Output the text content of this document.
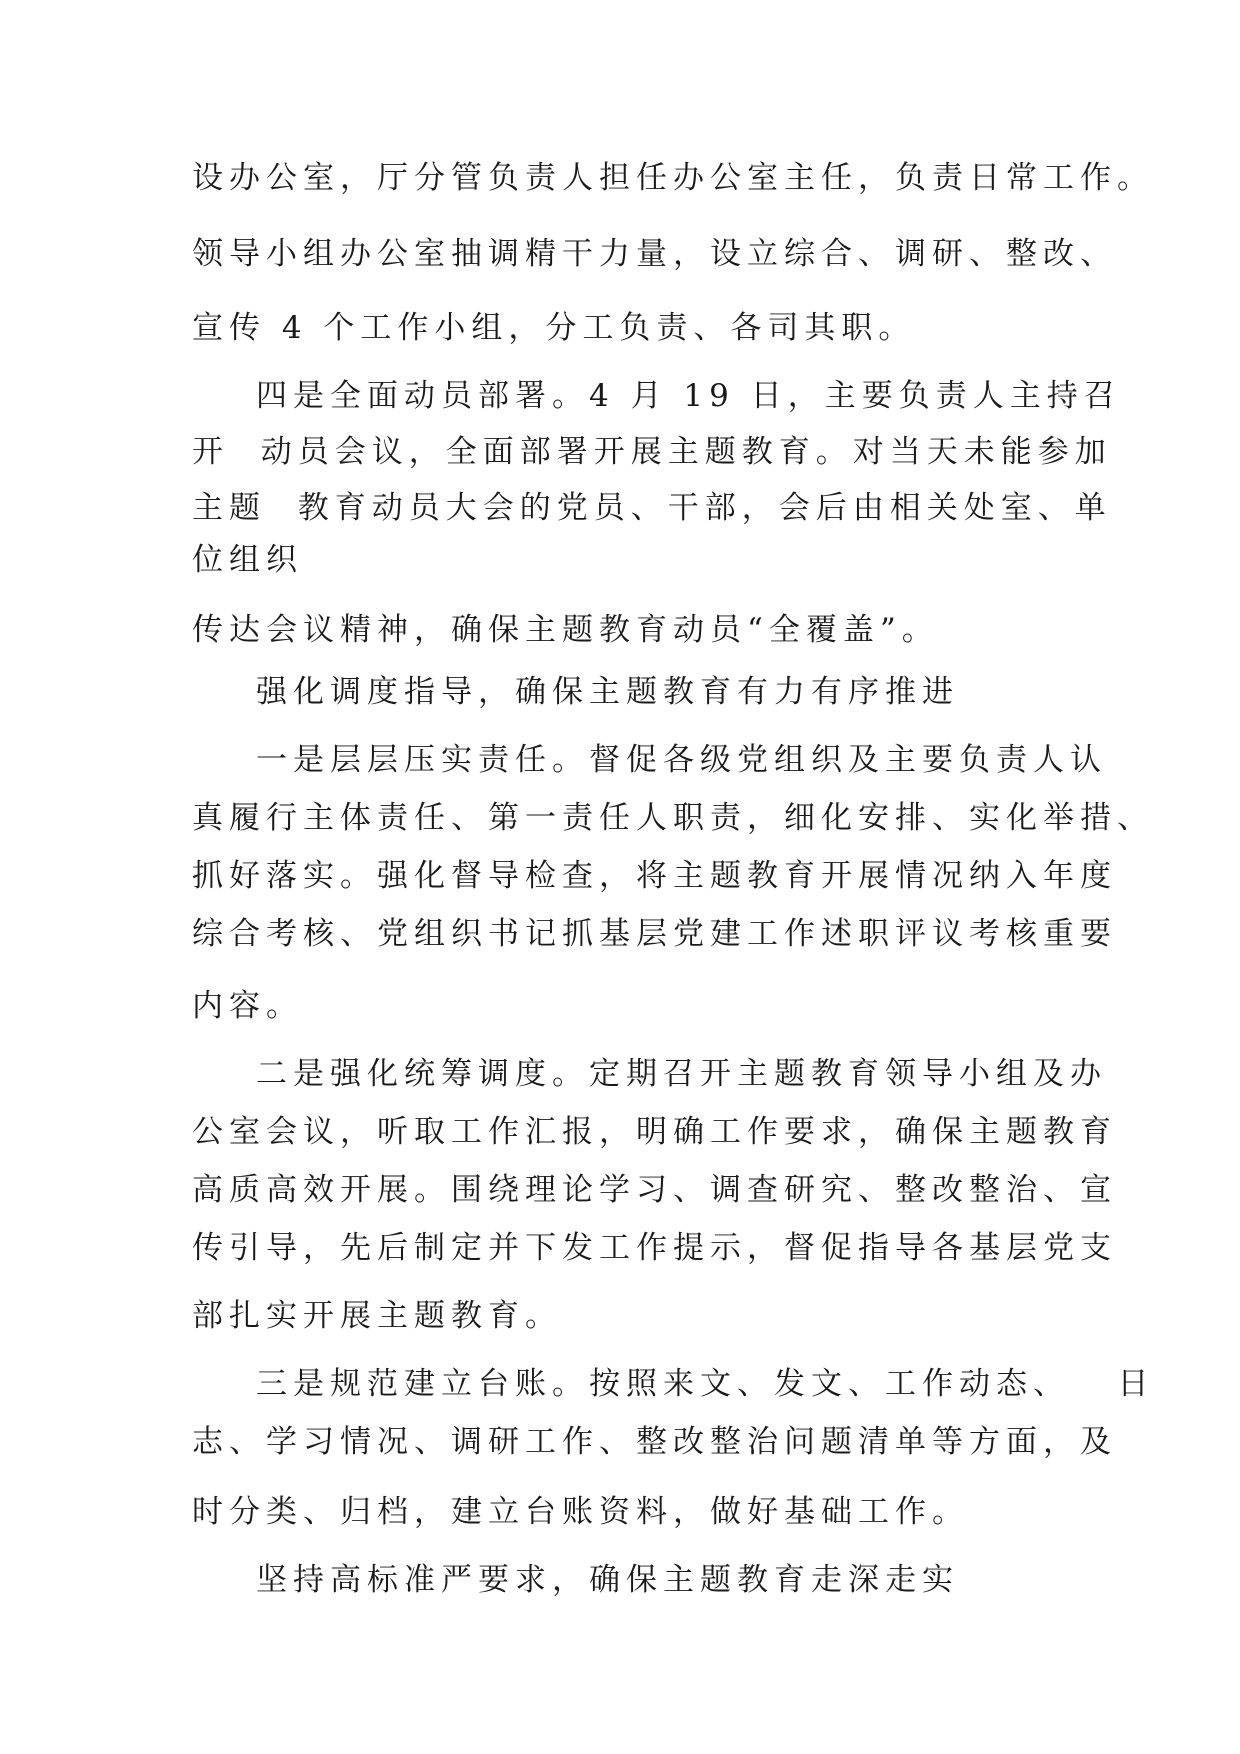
设办公室，厅分管负责人担任办公室主任，负责日常工作。
领导小组办公室抽调精干力量，设立综合、调研、整改、
宣传 4 个工作小组，分工负责、各司其职。
四是全面动员部署。4 月 19 日，主要负责人主持召
开  动员会议，全面部署开展主题教育。对当天未能参加
主题  教育动员大会的党员、干部，会后由相关处室、单
位组织
传达会议精神，确保主题教育动员“全覆盖”。
强化调度指导，确保主题教育有力有序推进
一是层层压实责任。督促各级党组织及主要负责人认
真履行主体责任、第一责任人职责，细化安排、实化举措、
抓好落实。强化督导检查，将主题教育开展情况纳入年度
综合考核、党组织书记抓基层党建工作述职评议考核重要
内容。
二是强化统筹调度。定期召开主题教育领导小组及办
公室会议，听取工作汇报，明确工作要求，确保主题教育
高质高效开展。围绕理论学习、调查研究、整改整治、宣
传引导，先后制定并下发工作提示，督促指导各基层党支
部扎实开展主题教育。
三是规范建立台账。按照来文、发文、工作动态、   日
志、学习情况、调研工作、整改整治问题清单等方面，及
时分类、归档，建立台账资料，做好基础工作。
坚持高标准严要求，确保主题教育走深走实
